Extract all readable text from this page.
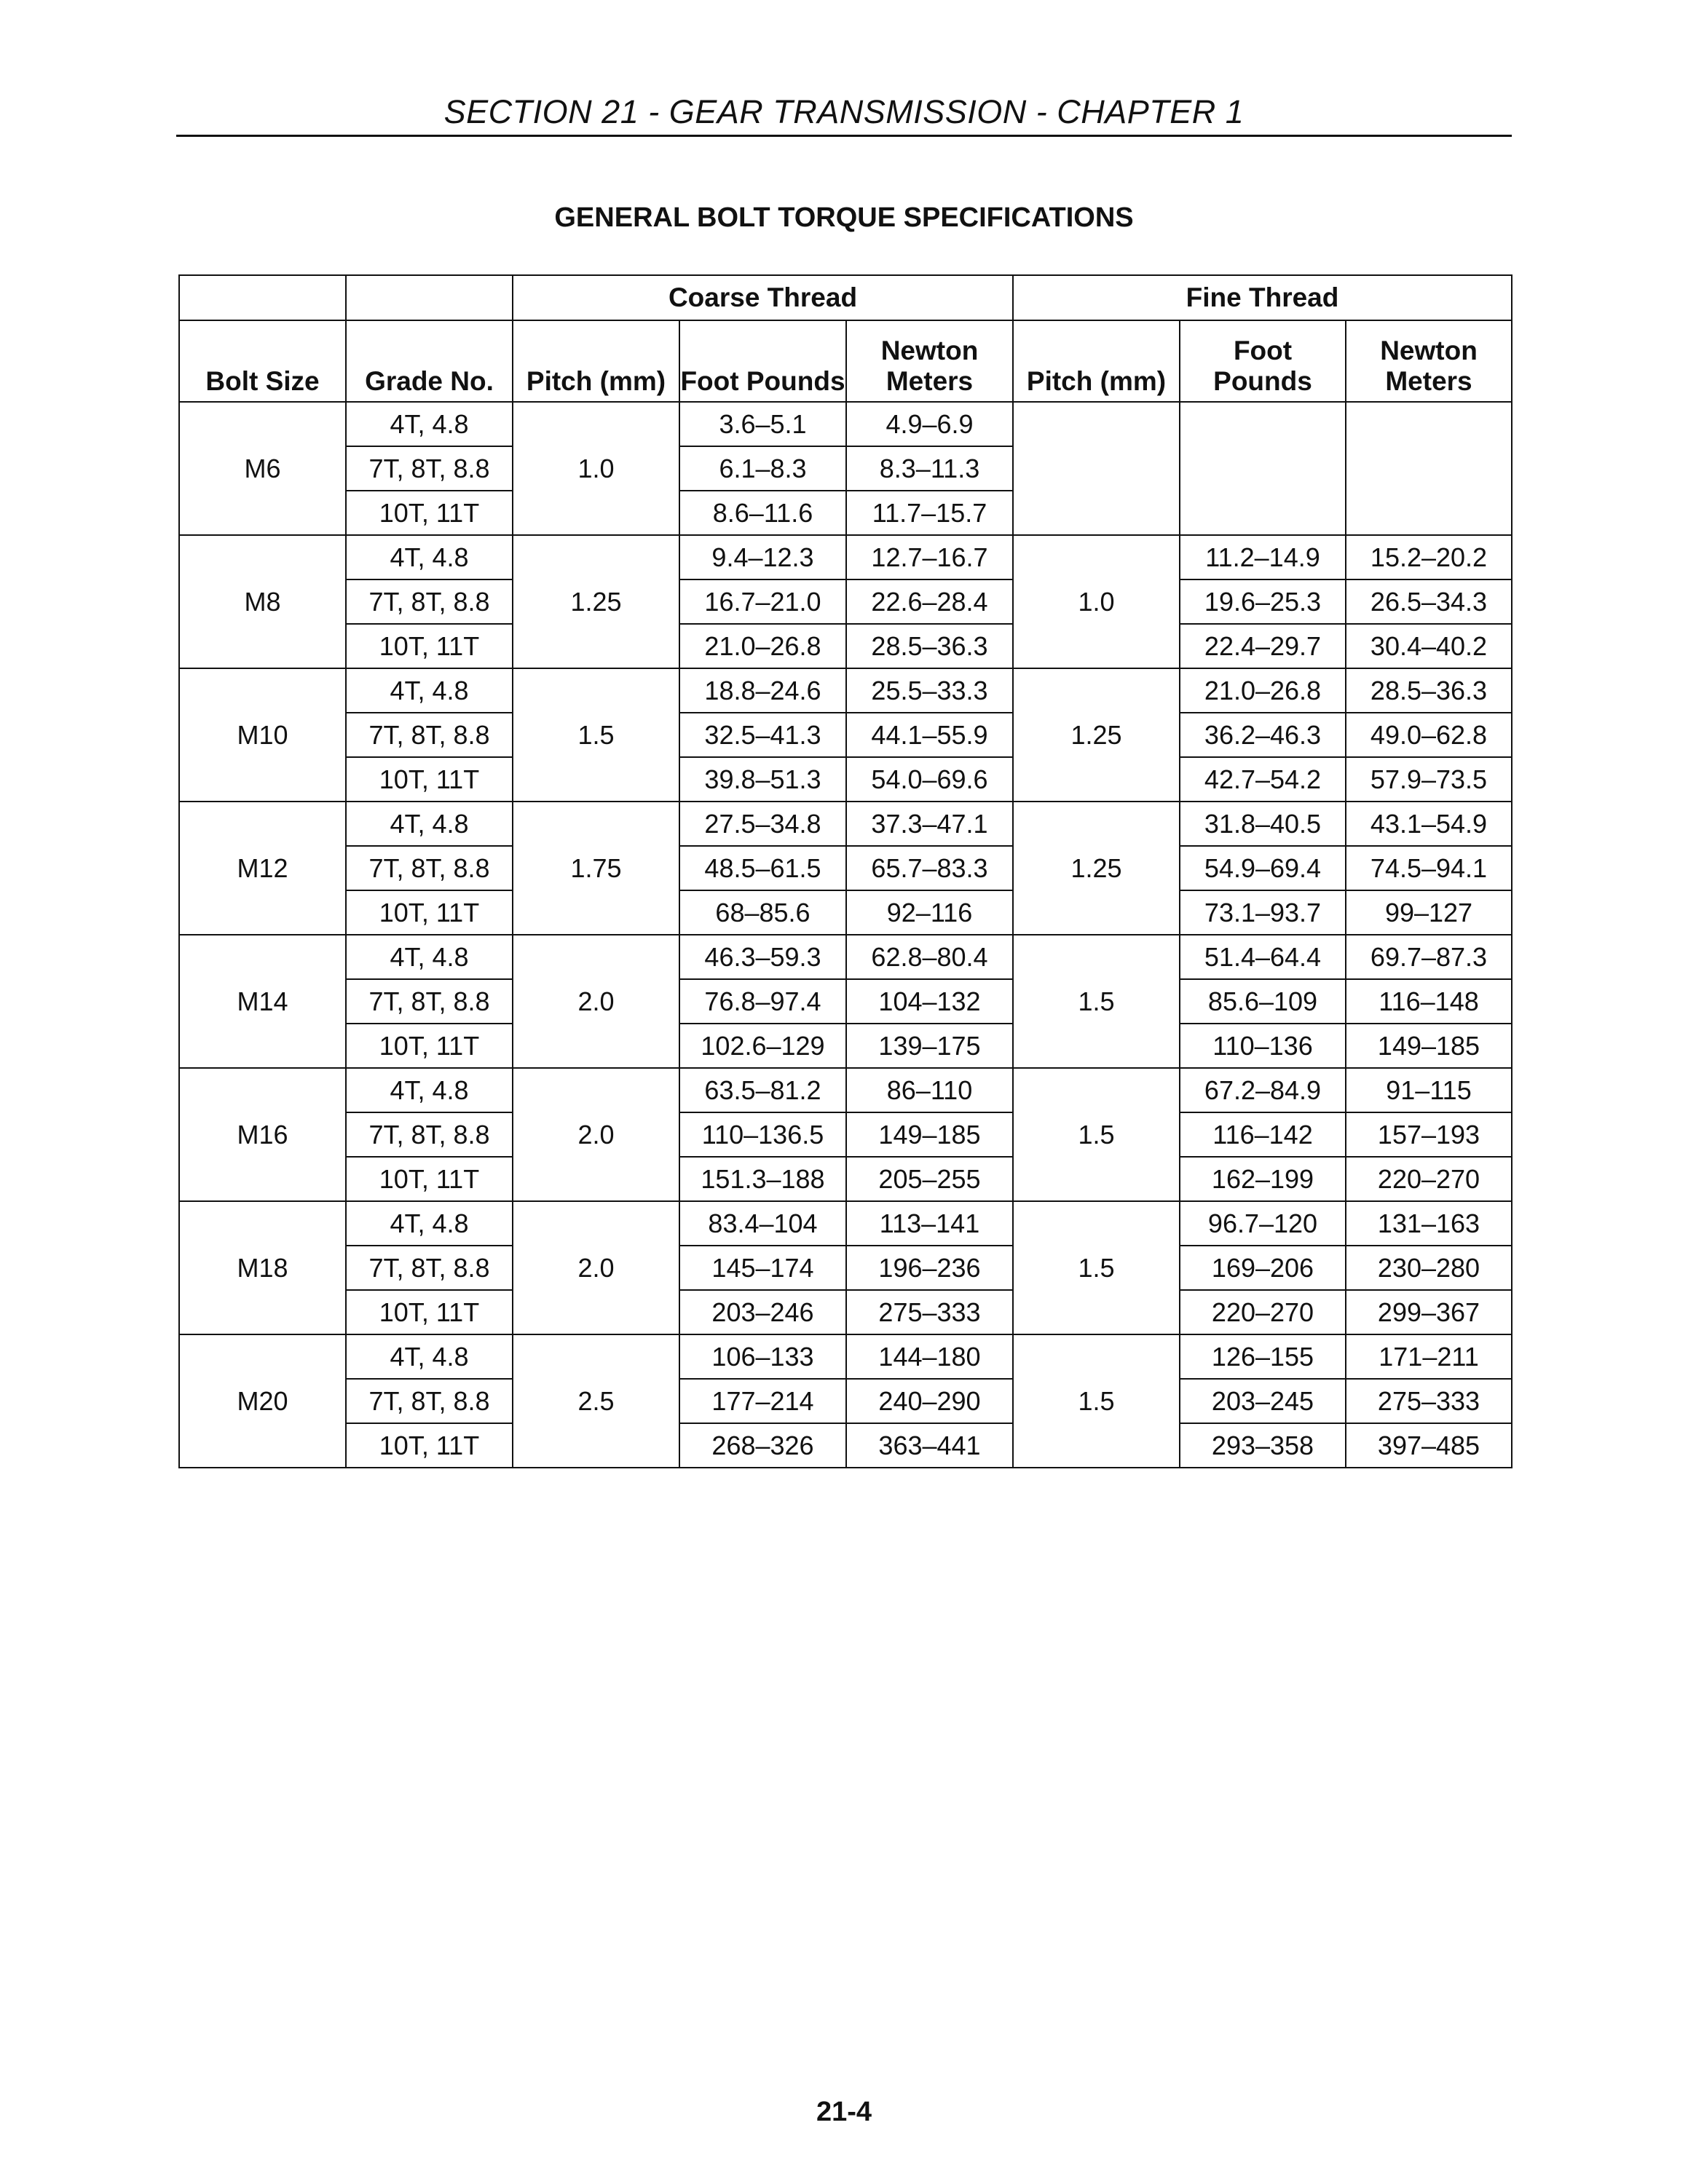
SECTION 21 - GEAR TRANSMISSION - CHAPTER 1
GENERAL BOLT TORQUE SPECIFICATIONS
		Coarse Thread			Fine Thread		
Bolt Size	Grade No.	Pitch (mm)	Foot Pounds	Newton Meters	Pitch (mm)	Foot Pounds	Newton Meters
M6	4T, 4.8	1.0	3.6–5.1	4.9–6.9			
	7T, 8T, 8.8		6.1–8.3	8.3–11.3			
	10T, 11T		8.6–11.6	11.7–15.7			
M8	4T, 4.8	1.25	9.4–12.3	12.7–16.7	1.0	11.2–14.9	15.2–20.2
	7T, 8T, 8.8		16.7–21.0	22.6–28.4		19.6–25.3	26.5–34.3
	10T, 11T		21.0–26.8	28.5–36.3		22.4–29.7	30.4–40.2
M10	4T, 4.8	1.5	18.8–24.6	25.5–33.3	1.25	21.0–26.8	28.5–36.3
	7T, 8T, 8.8		32.5–41.3	44.1–55.9		36.2–46.3	49.0–62.8
	10T, 11T		39.8–51.3	54.0–69.6		42.7–54.2	57.9–73.5
M12	4T, 4.8	1.75	27.5–34.8	37.3–47.1	1.25	31.8–40.5	43.1–54.9
	7T, 8T, 8.8		48.5–61.5	65.7–83.3		54.9–69.4	74.5–94.1
	10T, 11T		68–85.6	92–116		73.1–93.7	99–127
M14	4T, 4.8	2.0	46.3–59.3	62.8–80.4	1.5	51.4–64.4	69.7–87.3
	7T, 8T, 8.8		76.8–97.4	104–132		85.6–109	116–148
	10T, 11T		102.6–129	139–175		110–136	149–185
M16	4T, 4.8	2.0	63.5–81.2	86–110	1.5	67.2–84.9	91–115
	7T, 8T, 8.8		110–136.5	149–185		116–142	157–193
	10T, 11T		151.3–188	205–255		162–199	220–270
M18	4T, 4.8	2.0	83.4–104	113–141	1.5	96.7–120	131–163
	7T, 8T, 8.8		145–174	196–236		169–206	230–280
	10T, 11T		203–246	275–333		220–270	299–367
M20	4T, 4.8	2.5	106–133	144–180	1.5	126–155	171–211
	7T, 8T, 8.8		177–214	240–290		203–245	275–333
	10T, 11T		268–326	363–441		293–358	397–485
21-4
